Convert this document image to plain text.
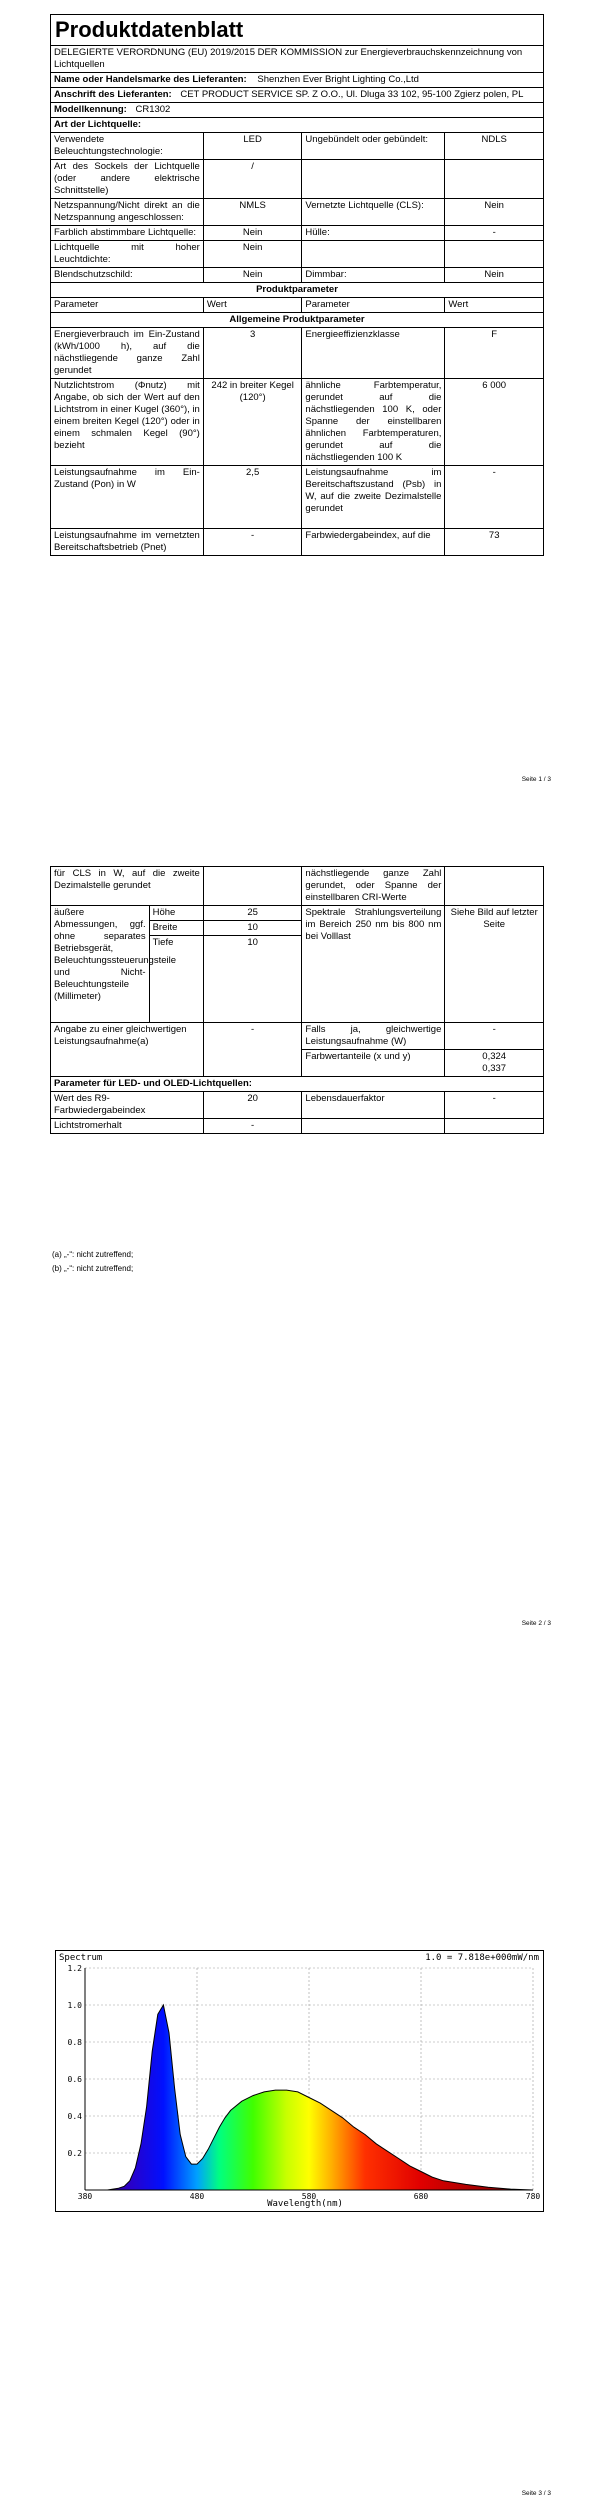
Produktdatenblatt			
DELEGIERTE VERORDNUNG (EU) 2019/2015 DER KOMMISSION zur Energieverbrauchskennzeichnung von Lichtquellen			
Name oder Handelsmarke des Lieferanten: Shenzhen Ever Bright Lighting Co.,Ltd			
Anschrift des Lieferanten: CET PRODUCT SERVICE SP. Z O.O., Ul. Dluga 33 102, 95-100 Zgierz polen, PL			
Modellkennung: CR1302			
Art der Lichtquelle:			
Verwendete Beleuchtungstechnologie:	LED	Ungebündelt oder gebündelt:	NDLS
Art des Sockels der Lichtquelle (oder andere elektrische Schnittstelle)	/		
Netzspannung/Nicht direkt an die Netzspannung angeschlossen:	NMLS	Vernetzte Lichtquelle (CLS):	Nein
Farblich abstimmbare Lichtquelle:	Nein	Hülle:	-
Lichtquelle mit hoher Leuchtdichte:	Nein		
Blendschutzschild:	Nein	Dimmbar:	Nein
Produktparameter			
Parameter	Wert	Parameter	Wert
Allgemeine Produktparameter			
Energieverbrauch im Ein-Zustand (kWh/1000 h), auf die nächstliegende ganze Zahl gerundet	3	Energieeffizienzklasse	F
Nutzlichtstrom (Φnutz) mit Angabe, ob sich der Wert auf den Lichtstrom in einer Kugel (360°), in einem breiten Kegel (120°) oder in einem schmalen Kegel (90°) bezieht	242 in breiter Kegel (120°)	ähnliche Farbtemperatur, gerundet auf die nächstliegenden 100 K, oder Spanne der einstellbaren ähnlichen Farbtemperaturen, gerundet auf die nächstliegenden 100 K	6 000
Leistungsaufnahme im Ein-Zustand (Pon) in W	2,5	Leistungsaufnahme im Bereitschaftszustand (Psb) in W, auf die zweite Dezimalstelle gerundet	-
Leistungsaufnahme im vernetzten Bereitschaftsbetrieb (Pnet)	-	Farbwiedergabeindex, auf die	73
Seite 1 / 3
für CLS in W, auf die zweite Dezimalstelle gerundet			nächstliegende ganze Zahl gerundet, oder Spanne der einstellbaren CRI-Werte	
äußere Abmessungen, ggf. ohne separates Betriebsgerät, Beleuchtungssteuerungsteile und Nicht-Beleuchtungsteile (Millimeter)	Höhe	25	Spektrale Strahlungsverteilung im Bereich 250 nm bis 800 nm bei Volllast	Siehe Bild auf letzter Seite
	Breite	10		
	Tiefe	10		
Angabe zu einer gleichwertigen Leistungsaufnahme(a)		-	Falls ja, gleichwertige Leistungsaufnahme (W)	-
			Farbwertanteile (x und y)	0,324
0,337

Parameter für LED- und OLED-Lichtquellen:				
Wert des R9-Farbwiedergabeindex		20	Lebensdauerfaktor	-
Lichtstromerhalt		-		
(a) „-“: nicht zutreffend;
(b) „-“: nicht zutreffend;
Seite 2 / 3
Spectrum	1.0 = 7.818e+000mW/nm
0.2
0.4
0.6
0.8
1.0
1.2
380	480	580	680	780
Wavelength(nm)
Seite 3 / 3
